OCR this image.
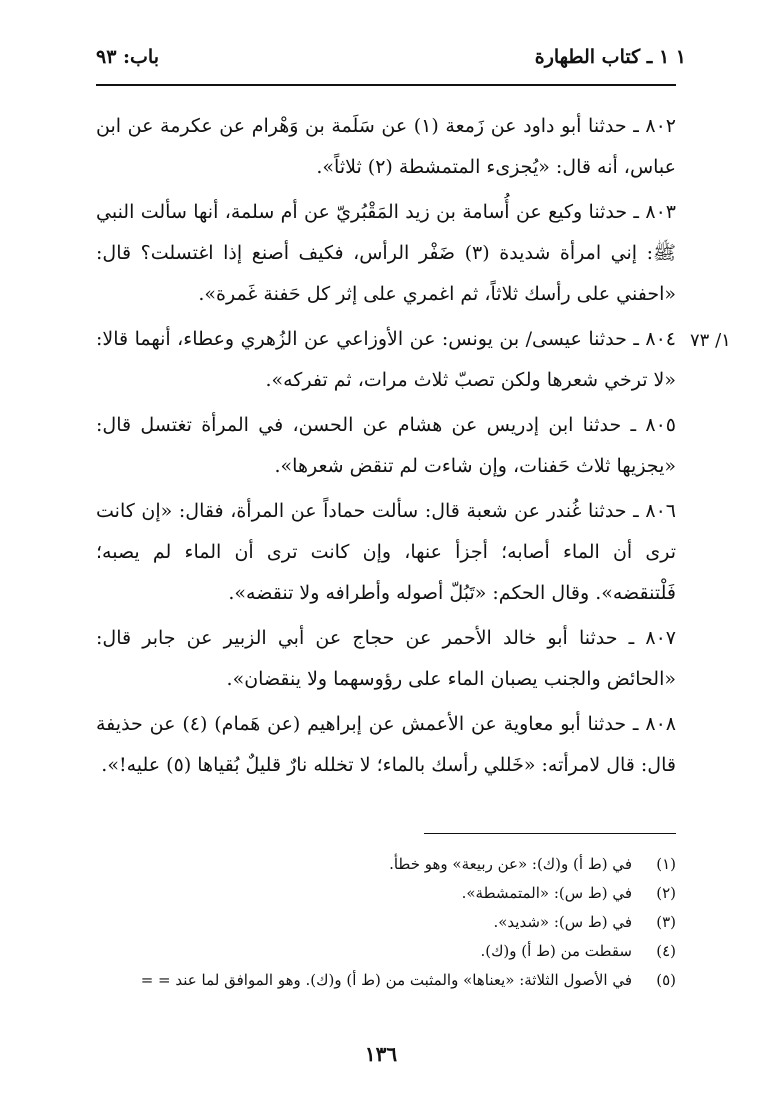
١ ١ ـ كتاب الطهارة
باب: ٩٣
١/ ٧٣

٨٠٢ ـ حدثنا أبو داود عن زَمعة (١) عن سَلَمة بن وَهْرام عن عكرمة عن ابن عباس، أنه قال: «يُجزىء المتمشطة (٢) ثلاثاً».

٨٠٣ ـ حدثنا وكيع عن أُسامة بن زيد المَقْبُريّ عن أم سلمة، أنها سألت النبي ﷺ: إني امرأة شديدة (٣) ضَفْر الرأس، فكيف أصنع إذا اغتسلت؟ قال: «احفني على رأسك ثلاثاً، ثم اغمري على إثر كل حَفنة غَمرة».

٨٠٤ ـ حدثنا عيسى/ بن يونس: عن الأوزاعي عن الزُهري وعطاء، أنهما قالا: «لا ترخي شعرها ولكن تصبّ ثلاث مرات، ثم تفركه».

٨٠٥ ـ حدثنا ابن إدريس عن هشام عن الحسن، في المرأة تغتسل قال: «يجزيها ثلاث حَفنات، وإن شاءت لم تنقض شعرها».

٨٠٦ ـ حدثنا غُندر عن شعبة قال: سألت حماداً عن المرأة، فقال: «إن كانت ترى أن الماء أصابه؛ أجزأ عنها، وإن كانت ترى أن الماء لم يصبه؛ فَلْتنقضه». وقال الحكم: «تَبُلّ أصوله وأطرافه ولا تنقضه».

٨٠٧ ـ حدثنا أبو خالد الأحمر عن حجاج عن أبي الزبير عن جابر قال: «الحائض والجنب يصبان الماء على رؤوسهما ولا ينقضان».

٨٠٨ ـ حدثنا أبو معاوية عن الأعمش عن إبراهيم (عن هَمام) (٤) عن حذيفة قال: قال لامرأته: «خَللي رأسك بالماء؛ لا تخلله نارٌ قليلٌ بُقياها (٥) عليه!».

(١)في (ط أ) و(ك): «عن ربيعة» وهو خطأ.
(٢)في (ط س): «المتمشطة».
(٣)في (ط س): «شديد».
(٤)سقطت من (ط أ) و(ك).
(٥)في الأصول الثلاثة: «يعناها» والمثبت من (ط أ) و(ك). وهو الموافق لما عند = =
١٣٦
